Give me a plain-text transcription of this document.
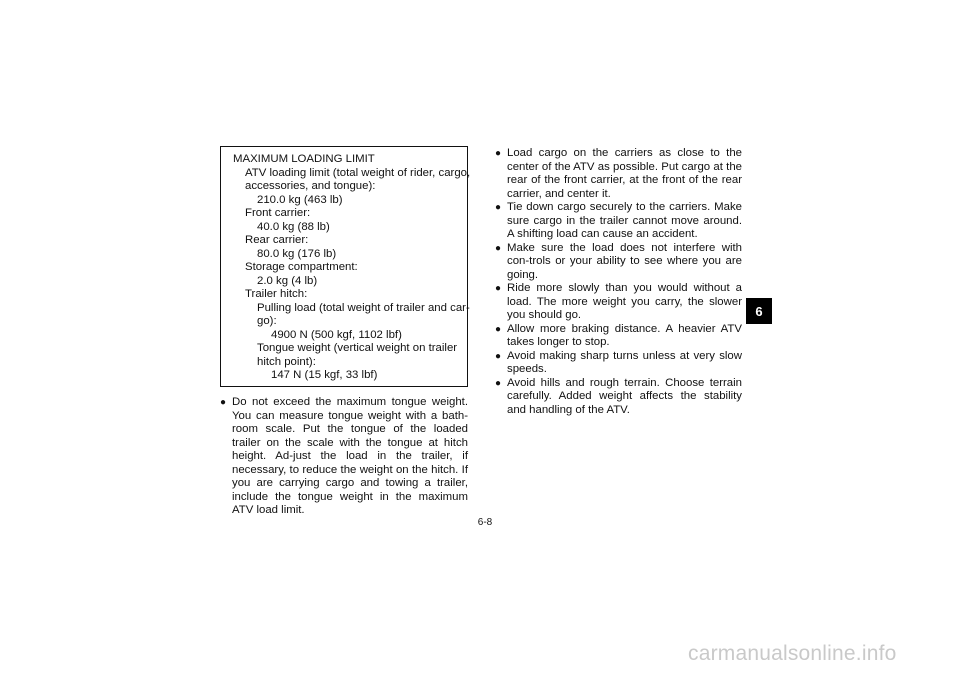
MAXIMUM LOADING LIMIT
ATV loading limit (total weight of rider, cargo,
accessories, and tongue):
210.0 kg (463 lb)
Front carrier:
40.0 kg (88 lb)
Rear carrier:
80.0 kg (176 lb)
Storage compartment:
2.0 kg (4 lb)
Trailer hitch:
Pulling load (total weight of trailer and car-
go):
4900 N (500 kgf, 1102 lbf)
Tongue weight (vertical weight on trailer
hitch point):
147 N (15 kgf, 33 lbf)
● Do not exceed the maximum tongue weight. You can measure tongue weight with a bath-room scale. Put the tongue of the loaded trailer on the scale with the tongue at hitch height. Ad-just the load in the trailer, if necessary, to reduce the weight on the hitch. If you are carrying cargo and towing a trailer, include the tongue weight in the maximum ATV load limit.
● Load cargo on the carriers as close to the center of the ATV as possible. Put cargo at the rear of the front carrier, at the front of the rear carrier, and center it.
● Tie down cargo securely to the carriers. Make sure cargo in the trailer cannot move around. A shifting load can cause an accident.
● Make sure the load does not interfere with con-trols or your ability to see where you are going.
● Ride more slowly than you would without a load. The more weight you carry, the slower you should go.
● Allow more braking distance. A heavier ATV takes longer to stop.
● Avoid making sharp turns unless at very slow speeds.
● Avoid hills and rough terrain. Choose terrain carefully. Added weight affects the stability and handling of the ATV.
6-8
6
carmanualsonline.info
